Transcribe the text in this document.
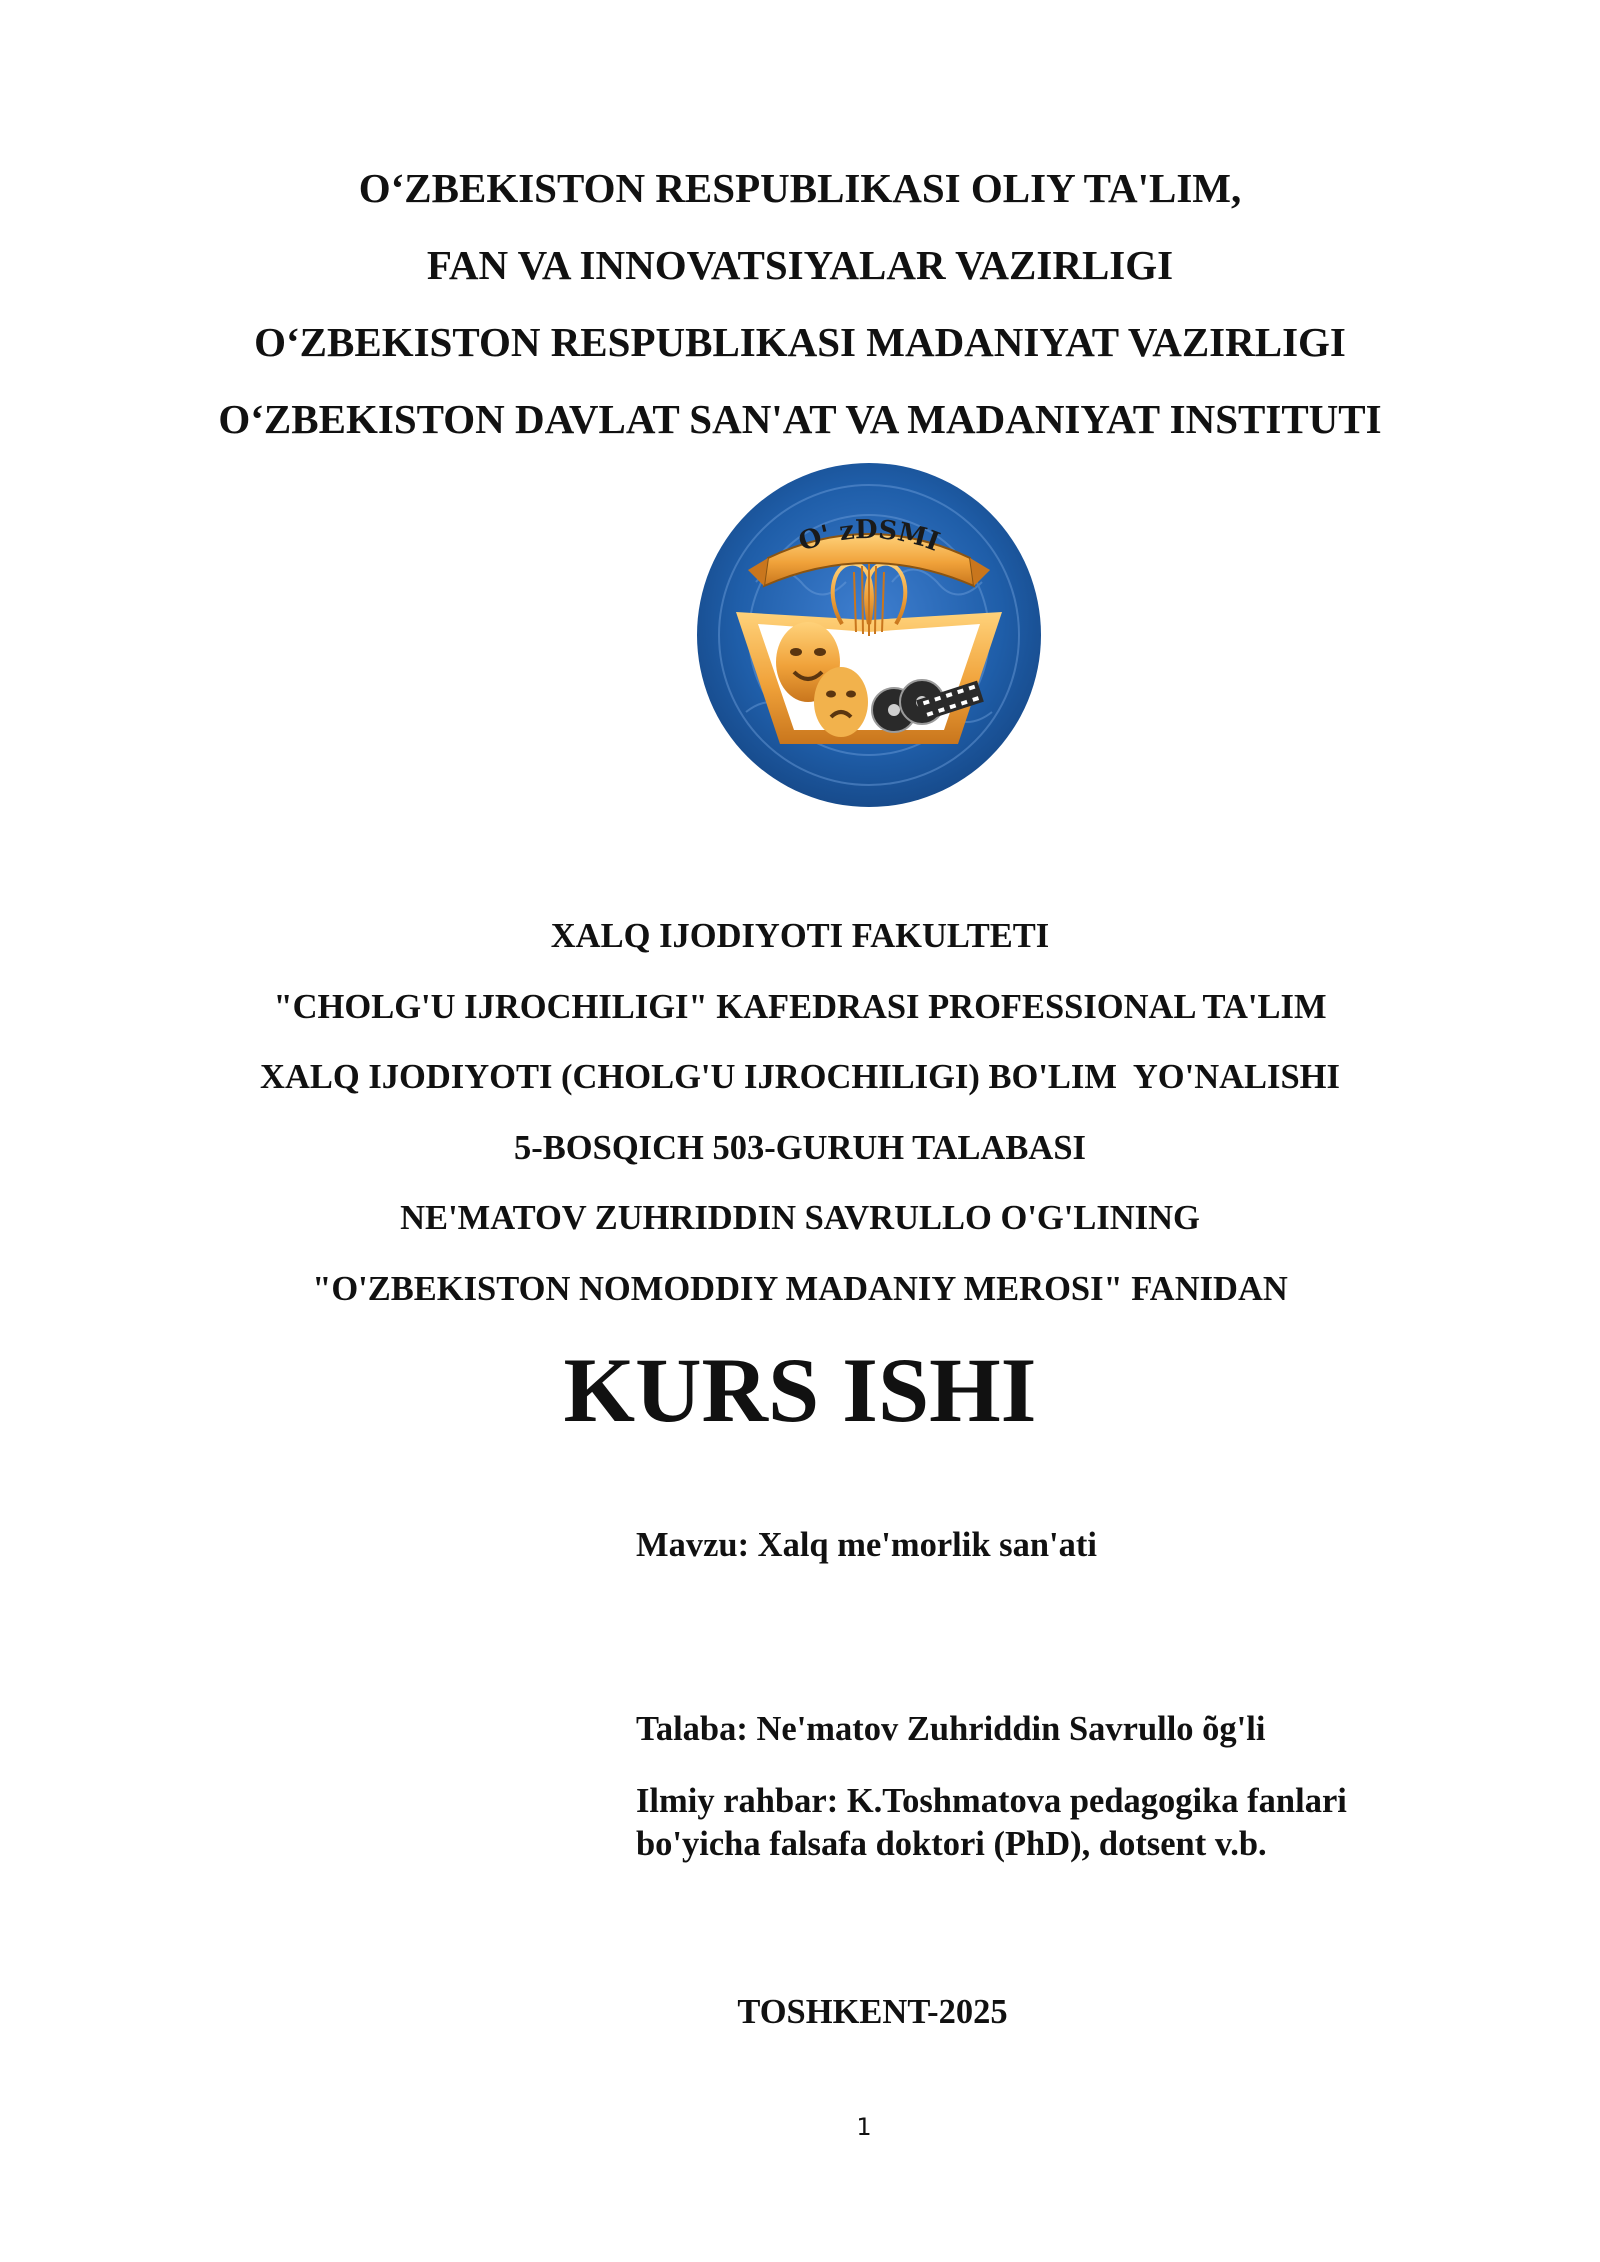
O‘ZBEKISTON RESPUBLIKASI OLIY TA'LIM,
FAN VA INNOVATSIYALAR VAZIRLIGI
O‘ZBEKISTON RESPUBLIKASI MADANIYAT VAZIRLIGI
O‘ZBEKISTON DAVLAT SAN'AT VA MADANIYAT INSTITUTI
O' zDSMI
XALQ IJODIYOTI FAKULTETI
"CHOLG'U IJROCHILIGI" KAFEDRASI PROFESSIONAL TA'LIM
XALQ IJODIYOTI (CHOLG'U IJROCHILIGI) BO'LIM  YO'NALISHI
5-BOSQICH 503-GURUH TALABASI
NE'MATOV ZUHRIDDIN SAVRULLO O'G'LINING
"O'ZBEKISTON NOMODDIY MADANIY MEROSI" FANIDAN
KURS ISHI
Mavzu: Xalq me'morlik san'ati
Talaba: Ne'matov Zuhriddin Savrullo õg'li
Ilmiy rahbar: K.Toshmatova pedagogika fanlari
bo'yicha falsafa doktori (PhD), dotsent v.b.
TOSHKENT-2025
1
